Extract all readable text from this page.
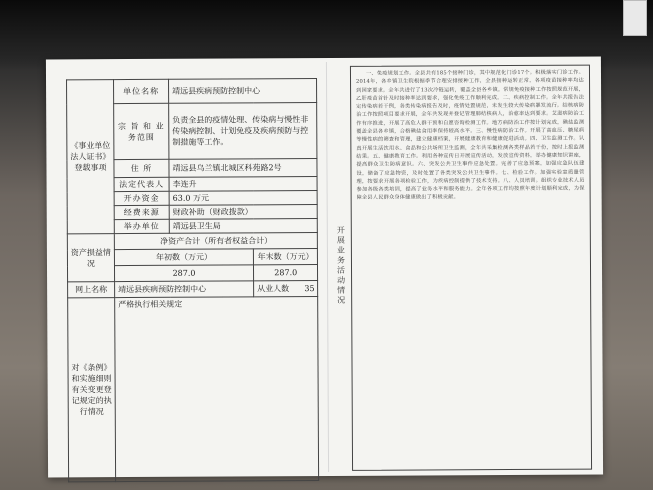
《事业单位法人证书》登载事项	单位名称	靖远县疾病预防控制中心	
	宗 旨 和 业务范围	负责全县的疫情处理、传染病与慢性非传染病控制、计划免疫及疾病预防与控制措施等工作。	
	住 所	靖远县乌兰镇北城区科苑路2号	
	法定代表人	李连升	
	开办资金	63.0 万元	
	经费来源	财政补助（财政拨款）	
	举办单位	靖远县卫生局	
资产损益情况	净资产合计（所有者权益合计）		
	年初数（万元）		年末数（万元）
	287.0		287.0
网上名称	靖远县疾病预防控制中心		从业人数 35
对《条例》和实施细则有关变更登记规定的执行情况	严格执行相关规定		
开展业务活动情况

一、免疫规划工作。全县共有185个接种门诊，其中规范化门诊17个。积极落实门诊工作。2014年，各乡镇卫生院根据季节合理安排接种工作，全县接种运转正常，各项疫苗接种率均达到国家要求。全年共进行了13次冷链运转，覆盖全县各乡镇。常规免疫接种工作按照规范开展，乙肝疫苗首针及时接种率达到要求，强化免疫工作顺利完成。二、疾病控制工作。全年共报告法定传染病若干例，各类传染病报告及时，疫情处置规范，未发生较大传染病暴发流行。结核病防治工作按照项目要求开展，全年共发现并登记管理肺结核病人，治愈率达到要求。艾滋病防治工作有序推进，开展了高危人群干预和自愿咨询检测工作。地方病防治工作按计划完成，碘盐监测覆盖全县各乡镇，合格碘盐食用率保持较高水平。三、慢性病防治工作。开展了高血压、糖尿病等慢性病的筛查和管理，建立健康档案，开展健康教育和健康促进活动。四、卫生监测工作。认真开展生活饮用水、食品和公共场所卫生监测，全年共采集检测各类样品若干份，按时上报监测结果。五、健康教育工作。利用各种宣传日开展宣传活动，发放宣传资料，举办健康知识讲座，提高群众卫生防病意识。六、突发公共卫生事件应急处置。完善了应急预案，加强应急队伍建设，储备了应急物资，及时处置了各类突发公共卫生事件。七、检验工作。加强实验室质量管理，按要求开展各项检验工作，为疾病控制提供了技术支持。八、人员培训。组织专业技术人员参加各级各类培训，提高了业务水平和服务能力。全年各项工作均按照年度计划顺利完成，为保障全县人民群众身体健康做出了积极贡献。
